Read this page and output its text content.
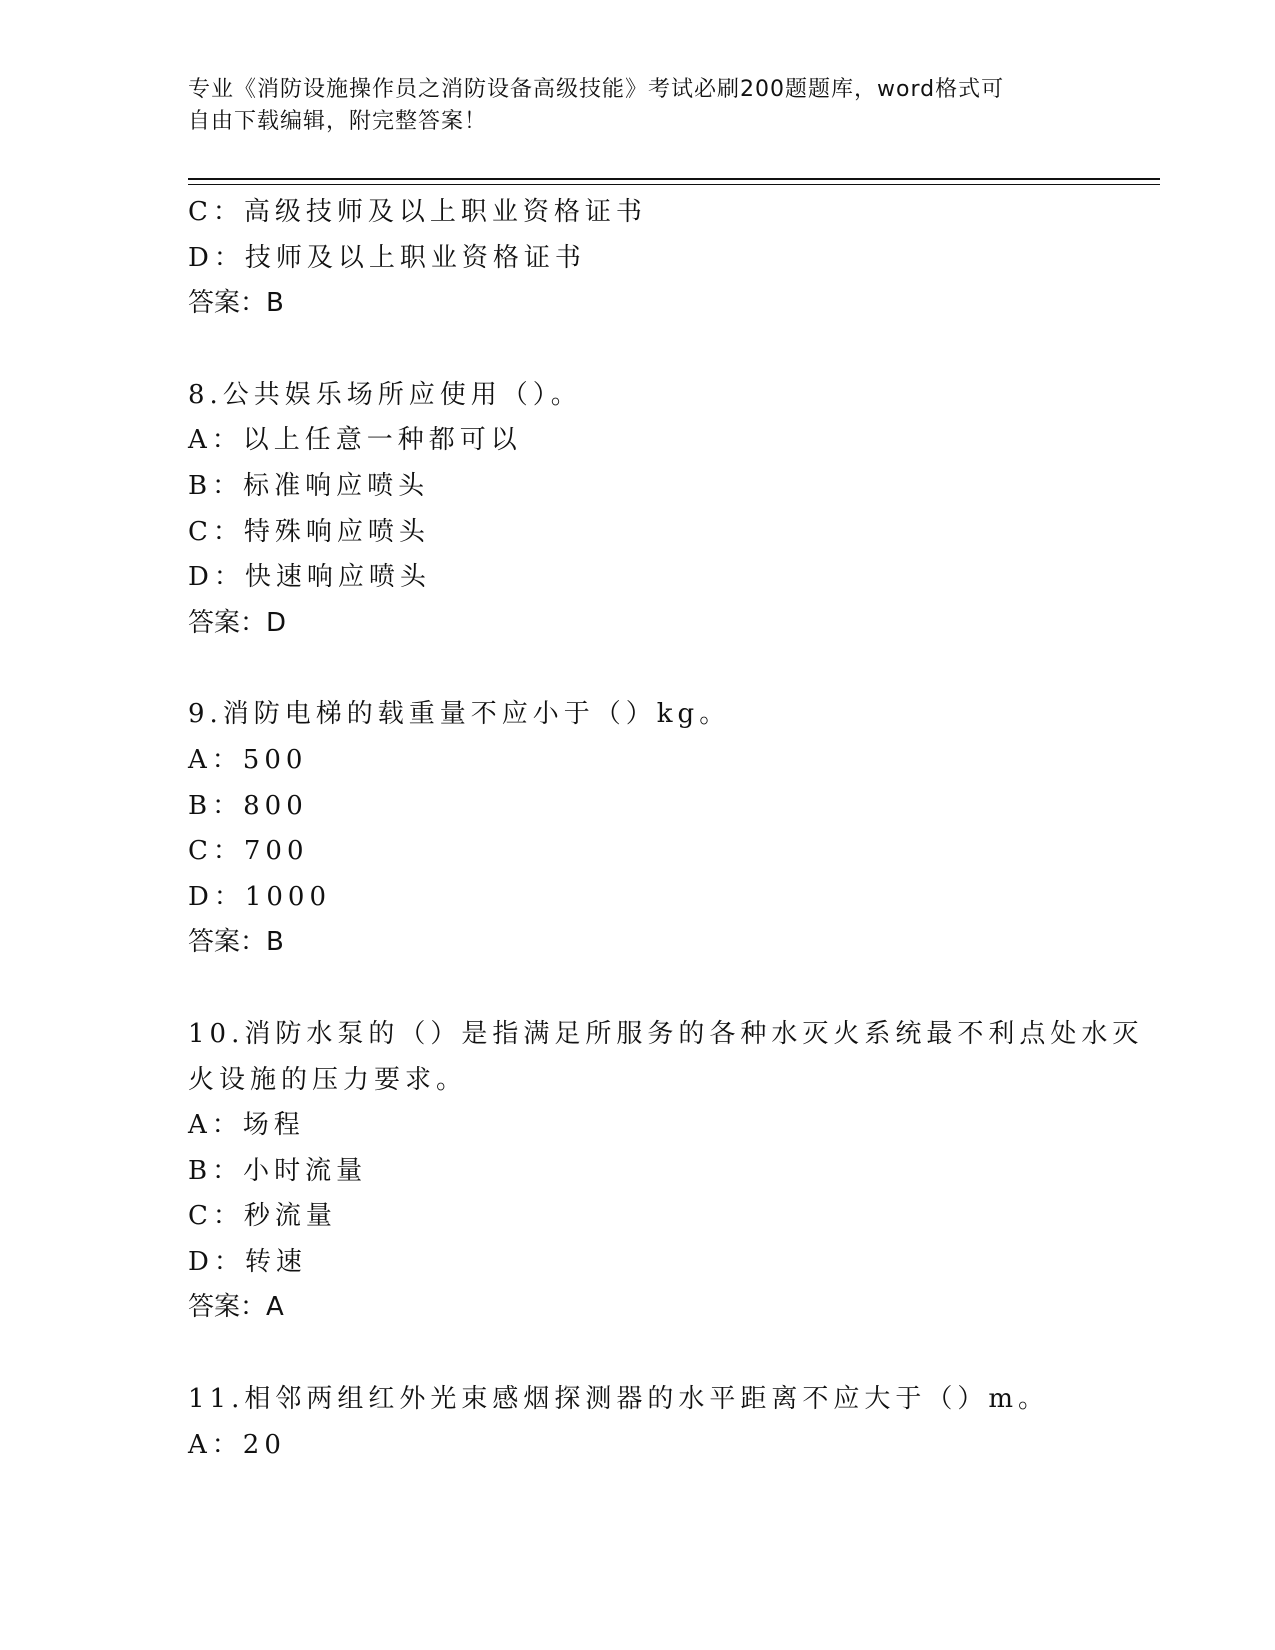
专业《消防设施操作员之消防设备高级技能》考试必刷200题题库，word格式可
自由下载编辑，附完整答案！
C：高级技师及以上职业资格证书
D：技师及以上职业资格证书
答案：B
8.公共娱乐场所应使用（）。
A：以上任意一种都可以
B：标准响应喷头
C：特殊响应喷头
D：快速响应喷头
答案：D
9.消防电梯的载重量不应小于（）kg。
A：500
B：800
C：700
D：1000
答案：B
10.消防水泵的（）是指满足所服务的各种水灭火系统最不利点处水灭
火设施的压力要求。
A：场程
B：小时流量
C：秒流量
D：转速
答案：A
11.相邻两组红外光束感烟探测器的水平距离不应大于（）m。
A：20
